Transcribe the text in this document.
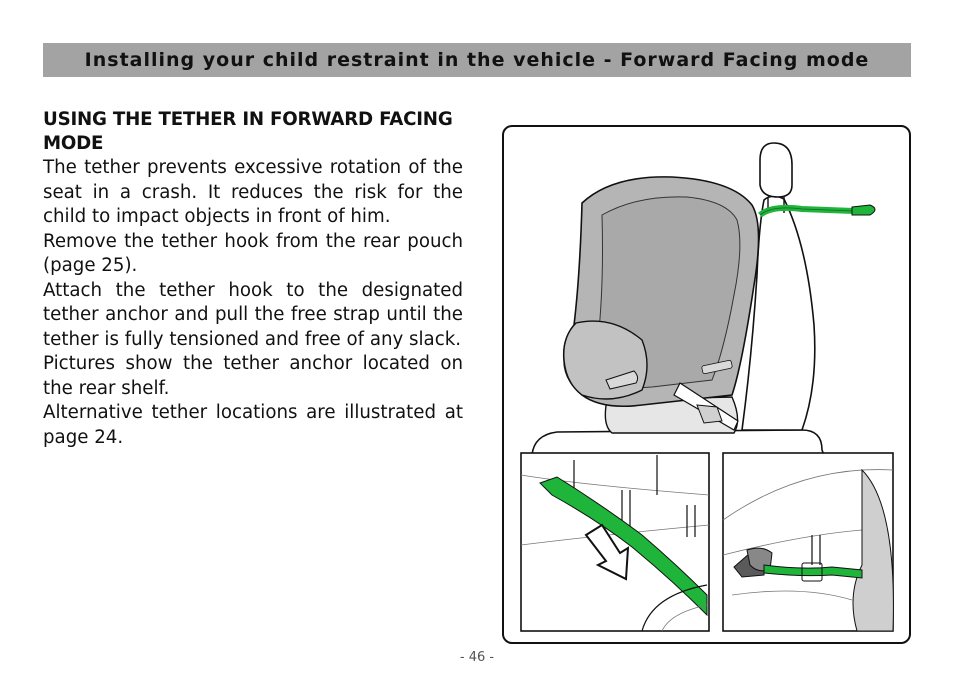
Installing your child restraint in the vehicle - Forward Facing mode
USING THE TETHER IN FORWARD FACING MODE

The tether prevents excessive rotation of the seat in a crash. It reduces the risk for the child to impact objects in front of him.

Remove the tether hook from the rear pouch (page 25).

Attach the tether hook to the designated tether anchor and pull the free strap until the tether is fully tensioned and free of any slack.

Pictures show the tether anchor located on the rear shelf.

Alternative tether locations are illustrated at page 24.

- 46 -
